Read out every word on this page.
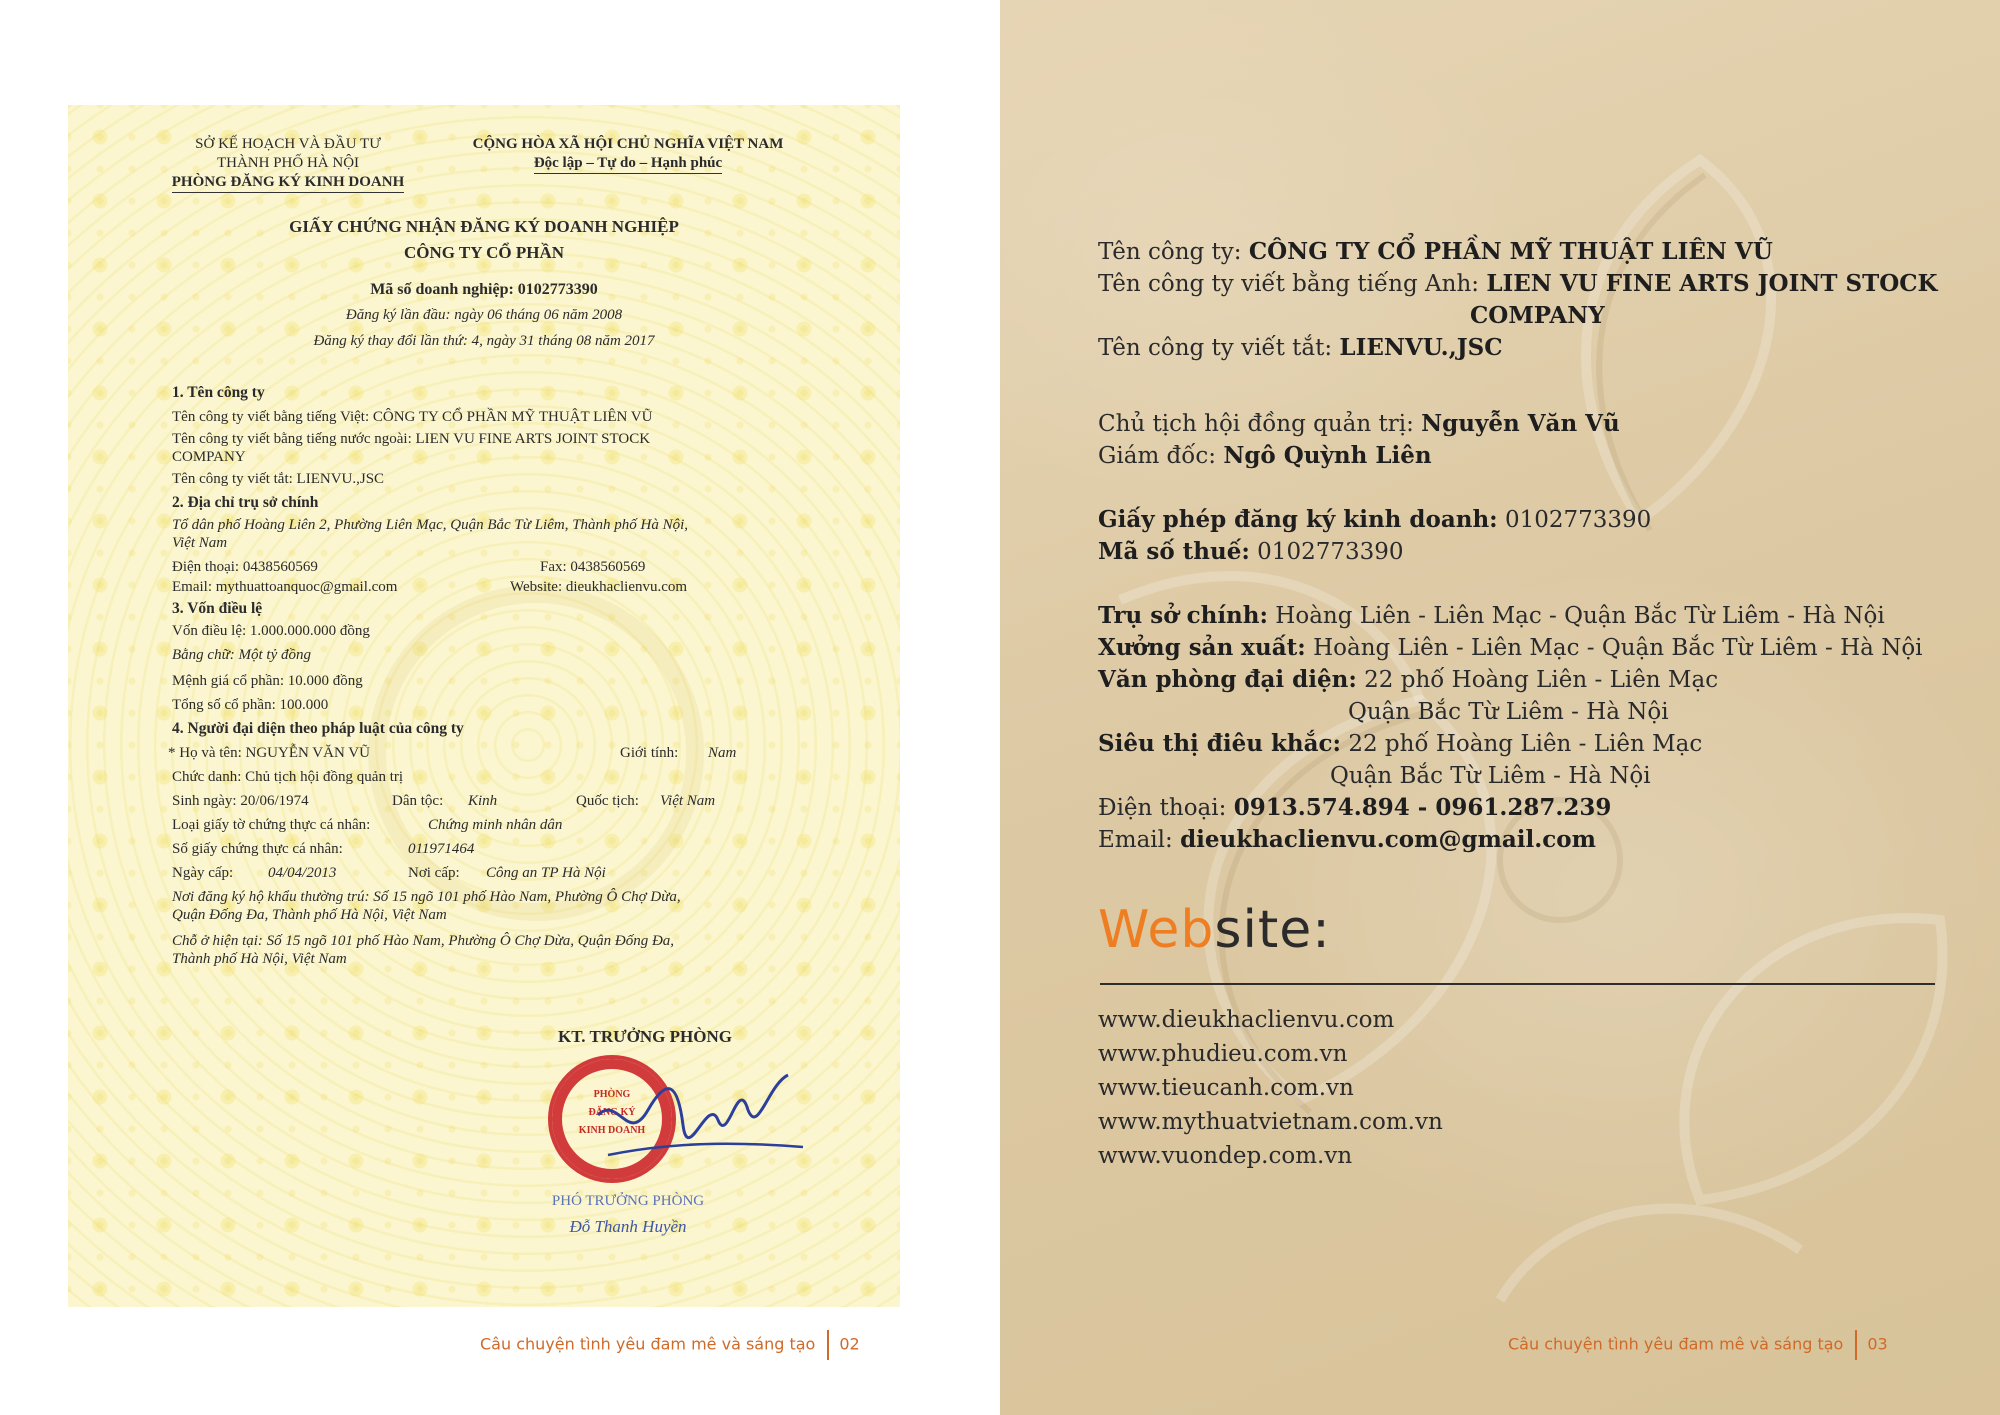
SỞ KẾ HOẠCH VÀ ĐẦU TƯ
THÀNH PHỐ HÀ NỘI
PHÒNG ĐĂNG KÝ KINH DOANH
CỘNG HÒA XÃ HỘI CHỦ NGHĨA VIỆT NAM
Độc lập – Tự do – Hạnh phúc
GIẤY CHỨNG NHẬN ĐĂNG KÝ DOANH NGHIỆP
CÔNG TY CỔ PHẦN
Mã số doanh nghiệp: 0102773390
Đăng ký lần đầu: ngày 06 tháng 06 năm 2008
Đăng ký thay đổi lần thứ: 4, ngày 31 tháng 08 năm 2017
1. Tên công ty
Tên công ty viết bằng tiếng Việt: CÔNG TY CỔ PHẦN MỸ THUẬT LIÊN VŨ
Tên công ty viết bằng tiếng nước ngoài: LIEN VU FINE ARTS JOINT STOCK
COMPANY
Tên công ty viết tắt: LIENVU.,JSC
2. Địa chỉ trụ sở chính
Tổ dân phố Hoàng Liên 2, Phường Liên Mạc, Quận Bắc Từ Liêm, Thành phố Hà Nội,
Việt Nam
Điện thoại: 0438560569	Fax: 0438560569
Email: mythuattoanquoc@gmail.com	Website: dieukhaclienvu.com
3. Vốn điều lệ
Vốn điều lệ: 1.000.000.000 đồng
Bằng chữ: Một tỷ đồng
Mệnh giá cổ phần: 10.000 đồng
Tổng số cổ phần: 100.000
4. Người đại diện theo pháp luật của công ty
* Họ và tên: NGUYỄN VĂN VŨ	Giới tính: Nam
Chức danh: Chủ tịch hội đồng quản trị
Sinh ngày: 20/06/1974	Dân tộc: Kinh	Quốc tịch: Việt Nam
Loại giấy tờ chứng thực cá nhân:	Chứng minh nhân dân
Số giấy chứng thực cá nhân:	011971464
Ngày cấp: 04/04/2013	Nơi cấp: Công an TP Hà Nội
Nơi đăng ký hộ khẩu thường trú: Số 15 ngõ 101 phố Hào Nam, Phường Ô Chợ Dừa,
Quận Đống Đa, Thành phố Hà Nội, Việt Nam
Chỗ ở hiện tại: Số 15 ngõ 101 phố Hào Nam, Phường Ô Chợ Dừa, Quận Đống Đa,
Thành phố Hà Nội, Việt Nam
KT. TRƯỞNG PHÒNG
PHÒNG
ĐĂNG KÝ
KINH DOANH
PHÓ TRƯỞNG PHÒNG
Đỗ Thanh Huyền
Câu chuyện tình yêu đam mê và sáng tạo 02
Tên công ty: CÔNG TY CỔ PHẦN MỸ THUẬT LIÊN VŨ
Tên công ty viết bằng tiếng Anh: LIEN VU FINE ARTS JOINT STOCK
COMPANY
Tên công ty viết tắt: LIENVU.,JSC
Chủ tịch hội đồng quản trị: Nguyễn Văn Vũ
Giám đốc: Ngô Quỳnh Liên
Giấy phép đăng ký kinh doanh: 0102773390
Mã số thuế: 0102773390
Trụ sở chính: Hoàng Liên - Liên Mạc - Quận Bắc Từ Liêm - Hà Nội
Xưởng sản xuất: Hoàng Liên - Liên Mạc - Quận Bắc Từ Liêm - Hà Nội
Văn phòng đại diện: 22 phố Hoàng Liên - Liên Mạc
Quận Bắc Từ Liêm - Hà Nội
Siêu thị điêu khắc: 22 phố Hoàng Liên - Liên Mạc
Quận Bắc Từ Liêm - Hà Nội
Điện thoại: 0913.574.894 - 0961.287.239
Email: dieukhaclienvu.com@gmail.com
Website:
www.dieukhaclienvu.com
www.phudieu.com.vn
www.tieucanh.com.vn
www.mythuatvietnam.com.vn
www.vuondep.com.vn
Câu chuyện tình yêu đam mê và sáng tạo 03
